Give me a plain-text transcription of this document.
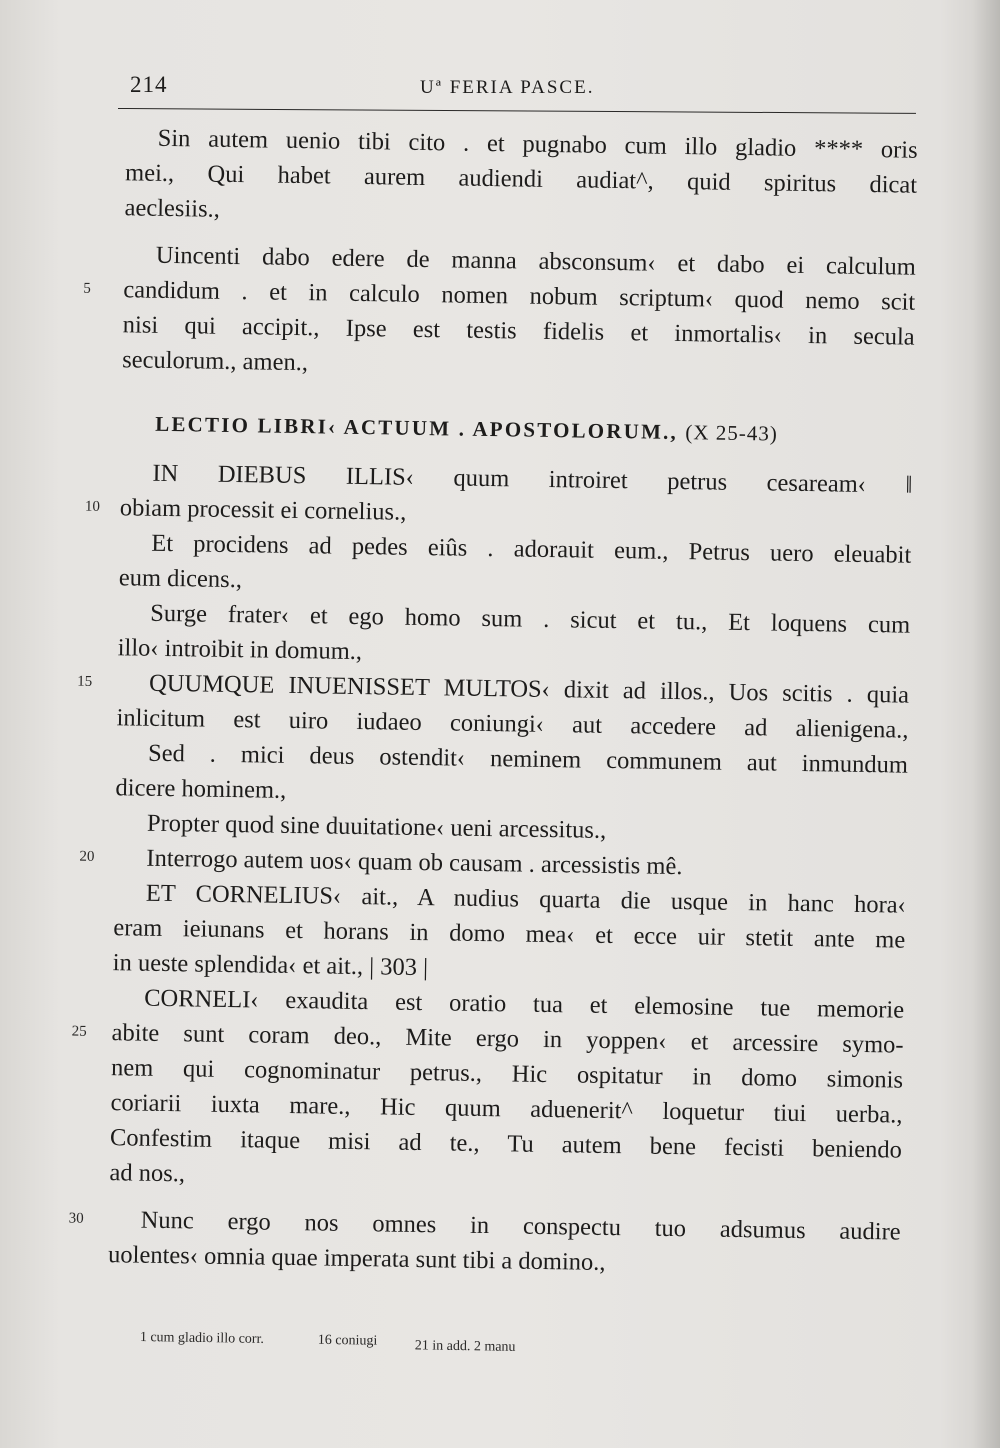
214	Uª FERIA PASCE.
Sin autem uenio tibi cito . et pugnabo cum illo gladio **** oris
mei., Qui habet aurem audiendi audiat^, quid spiritus dicat
aeclesiis.,
Uincenti dabo edere de manna absconsum‹ et dabo ei calculum
5	candidum . et in calculo nomen nobum scriptum‹ quod nemo scit
nisi qui accipit., Ipse est testis fidelis et inmortalis‹ in secula
seculorum., amen.,
LECTIO LIBRI‹ ACTUUM . APOSTOLORUM., (X 25-43)
IN DIEBUS ILLIS‹ quum introiret petrus cesaream‹ ‖
10 obiam processit ei cornelius.,
Et procidens ad pedes eiûs . adorauit eum., Petrus uero eleuabit
eum dicens.,
Surge frater‹ et ego homo sum . sicut et tu., Et loquens cum
illo‹ introibit in domum.,
15 QUUMQUE INUENISSET MULTOS‹ dixit ad illos., Uos scitis . quia
inlicitum est uiro iudaeo coniungi‹ aut accedere ad alienigena.,
Sed . mici deus ostendit‹ neminem communem aut inmundum
dicere hominem.,
Propter quod sine duuitatione‹ ueni arcessitus.,
20 Interrogo autem uos‹ quam ob causam . arcessistis mê.
ET CORNELIUS‹ ait., A nudius quarta die usque in hanc hora‹
eram ieiunans et horans in domo mea‹ et ecce uir stetit ante me
in ueste splendida‹ et ait., | 303 |
CORNELI‹ exaudita est oratio tua et elemosine tue memorie
25 abite sunt coram deo., Mite ergo in yoppen‹ et arcessire symo-
nem qui cognominatur petrus., Hic ospitatur in domo simonis
coriarii iuxta mare., Hic quum aduenerit^ loquetur tiui uerba.,
Confestim itaque misi ad te., Tu autem bene fecisti beniendo
ad nos.,
30 Nunc ergo nos omnes in conspectu tuo adsumus audire
uolentes‹ omnia quae imperata sunt tibi a domino.,
1 cum gladio illo corr.	16 coniugi	21 in add. 2 manu
